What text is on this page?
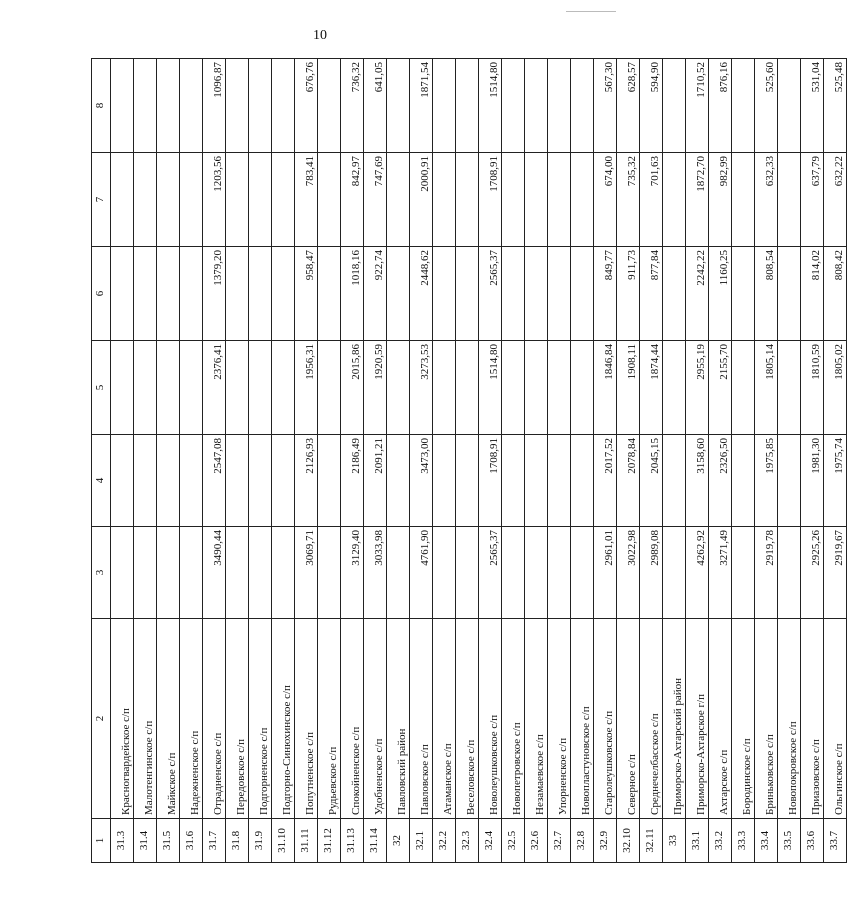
10
1	2	3	4	5	6	7	8
31.3	Красногвардейское с/п						
31.4	Малотенгинское с/п						
31.5	Майкское с/п						
31.6	Надежненское с/п						
31.7	Отрадненское с/п	3490,44	2547,08	2376,41	1379,20	1203,56	1096,87
31.8	Передовское с/п						
31.9	Подгорненское с/п						
31.10	Подгорно-Синюхинское с/п						
31.11	Попутненское с/п	3069,71	2126,93	1956,31	958,47	783,41	676,76
31.12	Рудьевское с/п						
31.13	Спокойненское с/п	3129,40	2186,49	2015,86	1018,16	842,97	736,32
31.14	Удобненское с/п	3033,98	2091,21	1920,59	922,74	747,69	641,05
32	Павловский район						
32.1	Павловское с/п	4761,90	3473,00	3273,53	2448,62	2000,91	1871,54
32.2	Атаманское с/п						
32.3	Веселовское с/п						
32.4	Новолеушковское с/п	2565,37	1708,91	1514,80	2565,37	1708,91	1514,80
32.5	Новопетровское с/п						
32.6	Незамаевское с/п						
32.7	Упорненское с/п						
32.8	Новопластуновское с/п						
32.9	Старолеушковское с/п	2961,01	2017,52	1846,84	849,77	674,00	567,30
32.10	Северное с/п	3022,98	2078,84	1908,11	911,73	735,32	628,57
32.11	Среднечелбасское с/п	2989,08	2045,15	1874,44	877,84	701,63	594,90
33	Приморско-Ахтарский район						
33.1	Приморско-Ахтарское г/п	4262,92	3158,60	2955,19	2242,22	1872,70	1710,52
33.2	Ахтарское с/п	3271,49	2326,50	2155,70	1160,25	982,99	876,16
33.3	Бородинское с/п						
33.4	Бриньковское с/п	2919,78	1975,85	1805,14	808,54	632,33	525,60
33.5	Новопокровское с/п						
33.6	Приазовское с/п	2925,26	1981,30	1810,59	814,02	637,79	531,04
33.7	Ольгинское с/п	2919,67	1975,74	1805,02	808,42	632,22	525,48
